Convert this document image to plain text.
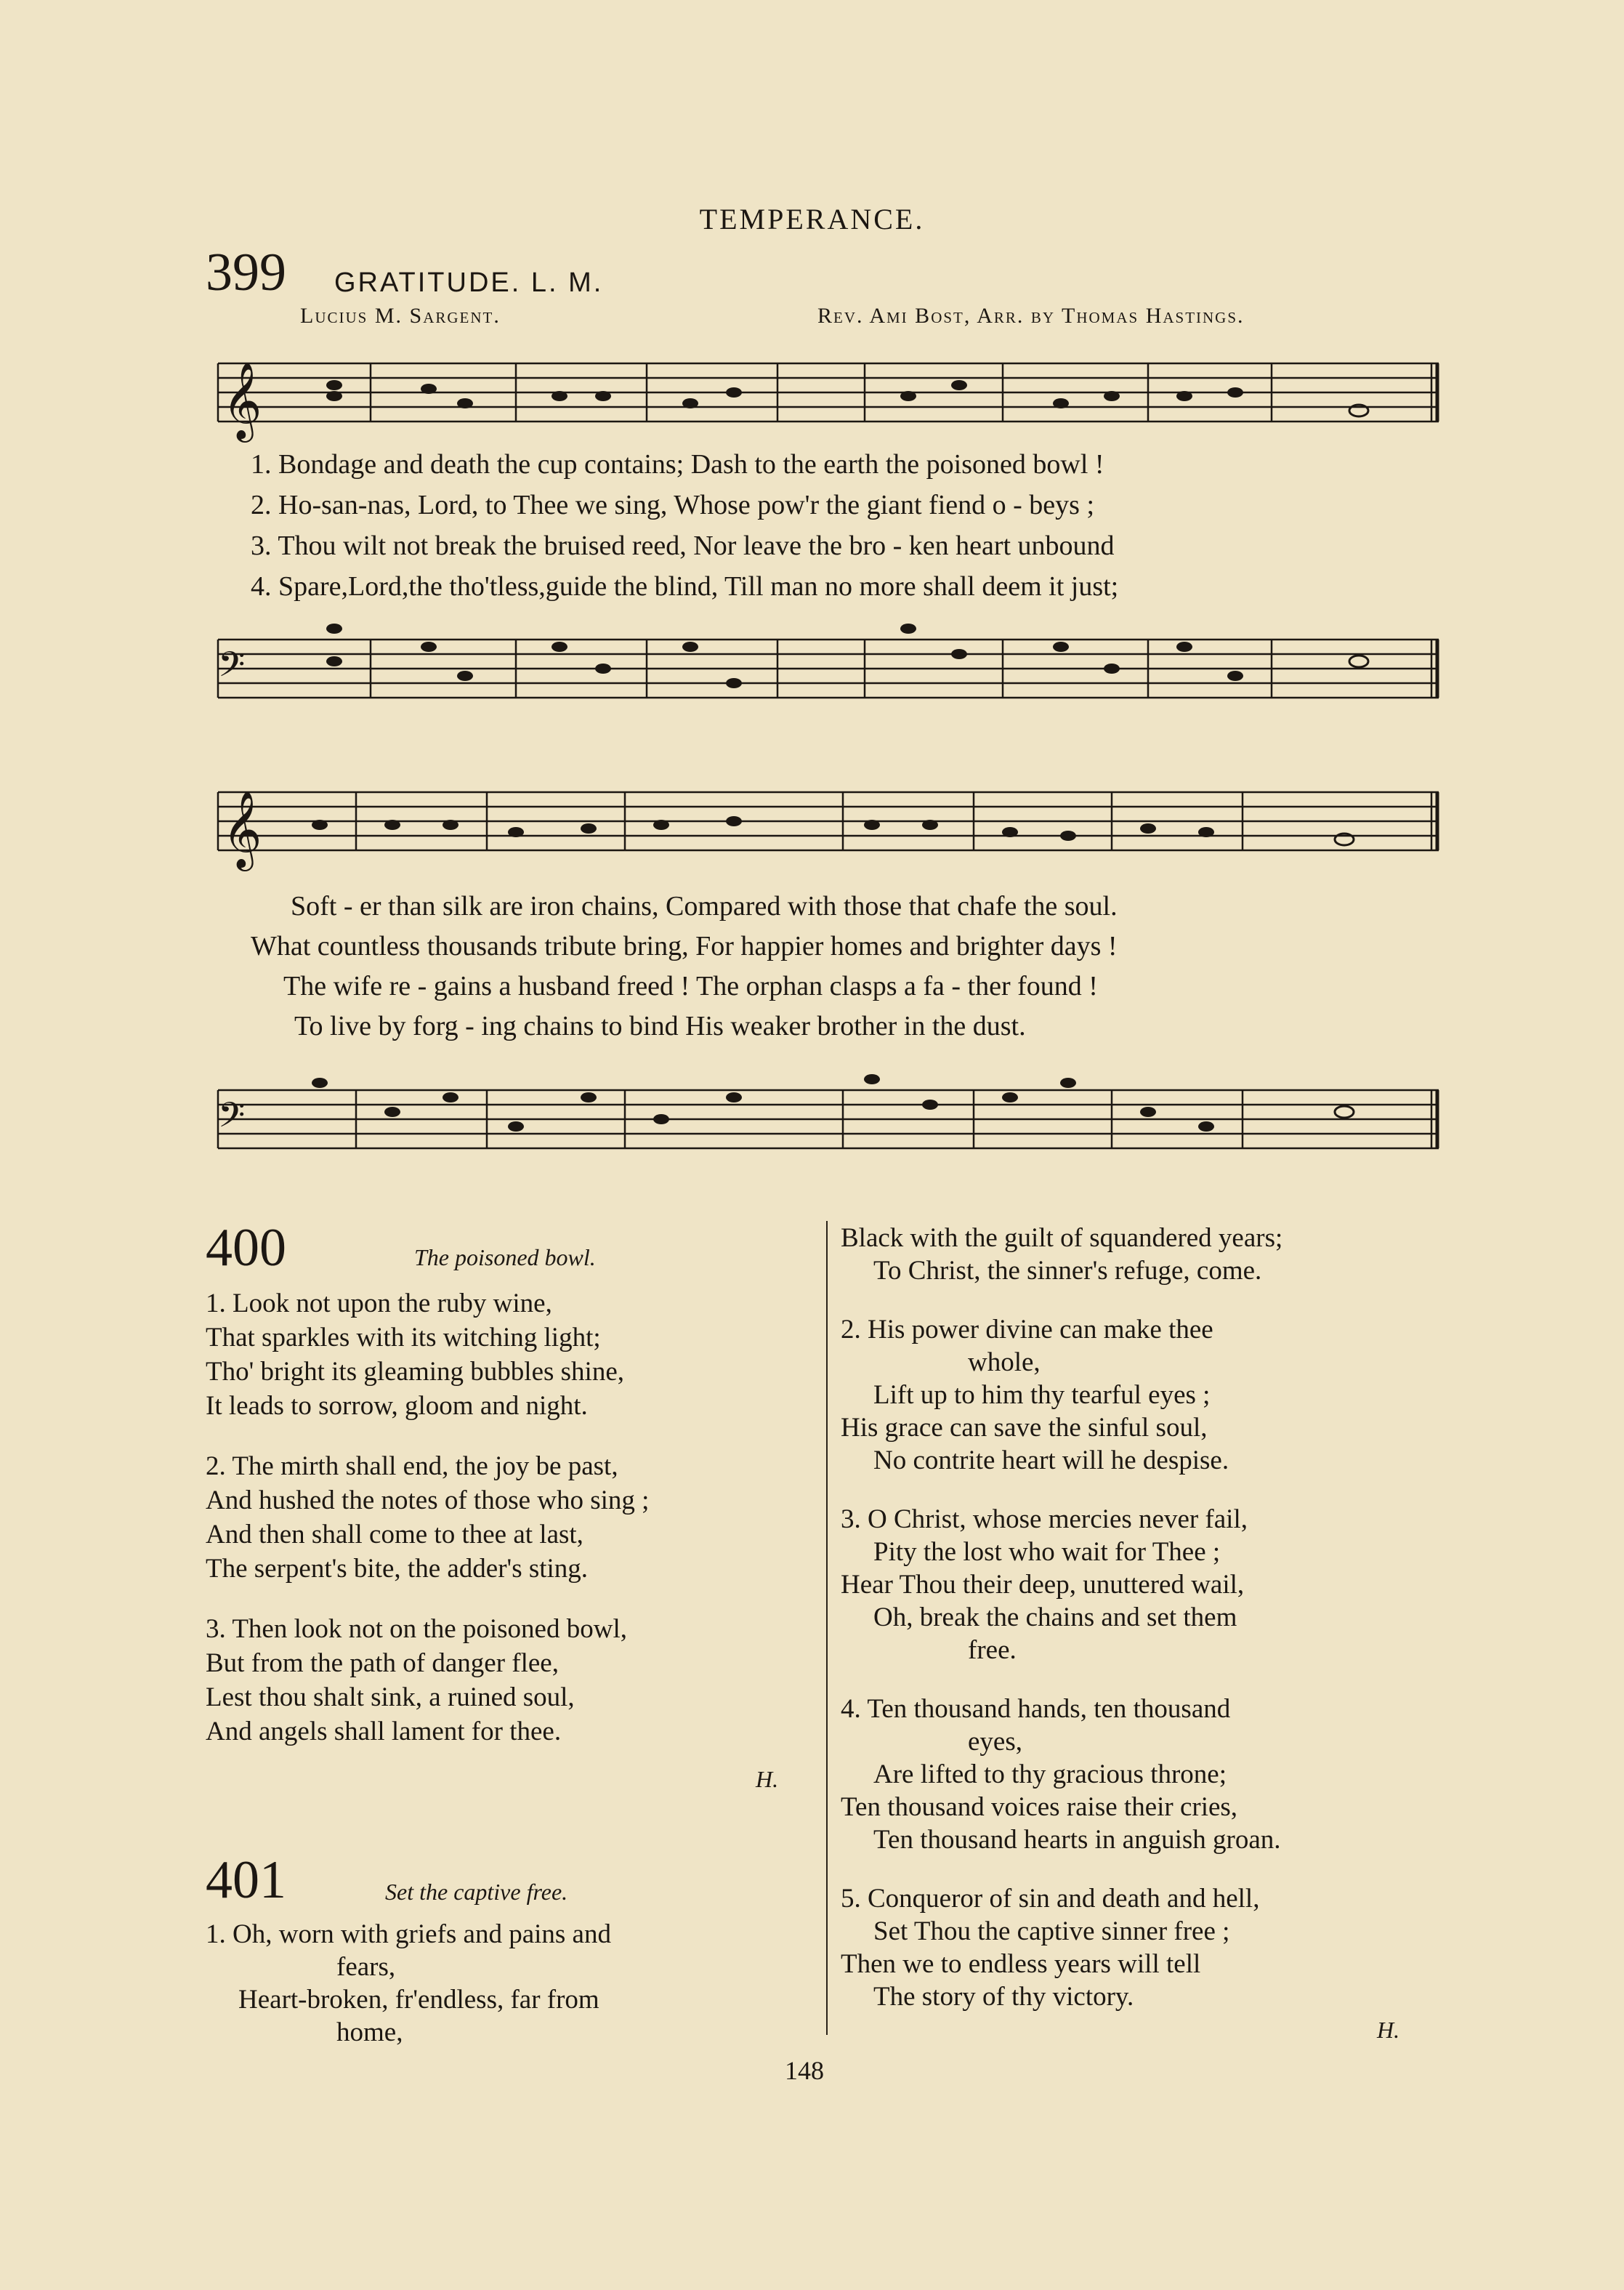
TEMPERANCE.
399 GRATITUDE. L. M.
Lucius M. Sargent.	Rev. Ami Bost, Arr. by Thomas Hastings.
𝄞
1. Bondage and death the cup contains; Dash to the earth the poisoned bowl !
2. Ho-san-nas, Lord, to Thee we sing, Whose pow'r the giant fiend o - beys ;
3. Thou wilt not break the bruised reed, Nor leave the bro - ken heart unbound
4. Spare,Lord,the tho'tless,guide the blind, Till man no more shall deem it just;
𝄢
𝄞
Soft - er than silk are iron chains, Compared with those that chafe the soul.
What countless thousands tribute bring, For happier homes and brighter days !
The wife re - gains a husband freed ! The orphan clasps a fa - ther found !
To live by forg - ing chains to bind His weaker brother in the dust.
𝄢
400	The poisoned bowl.
1. Look not upon the ruby wine,
That sparkles with its witching light;
Tho' bright its gleaming bubbles shine,
It leads to sorrow, gloom and night.
2. The mirth shall end, the joy be past,
And hushed the notes of those who sing ;
And then shall come to thee at last,
The serpent's bite, the adder's sting.
3. Then look not on the poisoned bowl,
But from the path of danger flee,
Lest thou shalt sink, a ruined soul,
And angels shall lament for thee.
H.
401	Set the captive free.
1. Oh, worn with griefs and pains and
fears,
Heart-broken, fr'endless, far from
home,
Black with the guilt of squandered years;
To Christ, the sinner's refuge, come.
2. His power divine can make thee
whole,
Lift up to him thy tearful eyes ;
His grace can save the sinful soul,
No contrite heart will he despise.
3. O Christ, whose mercies never fail,
Pity the lost who wait for Thee ;
Hear Thou their deep, unuttered wail,
Oh, break the chains and set them
free.
4. Ten thousand hands, ten thousand
eyes,
Are lifted to thy gracious throne;
Ten thousand voices raise their cries,
Ten thousand hearts in anguish groan.
5. Conqueror of sin and death and hell,
Set Thou the captive sinner free ;
Then we to endless years will tell
The story of thy victory.
H.
148
